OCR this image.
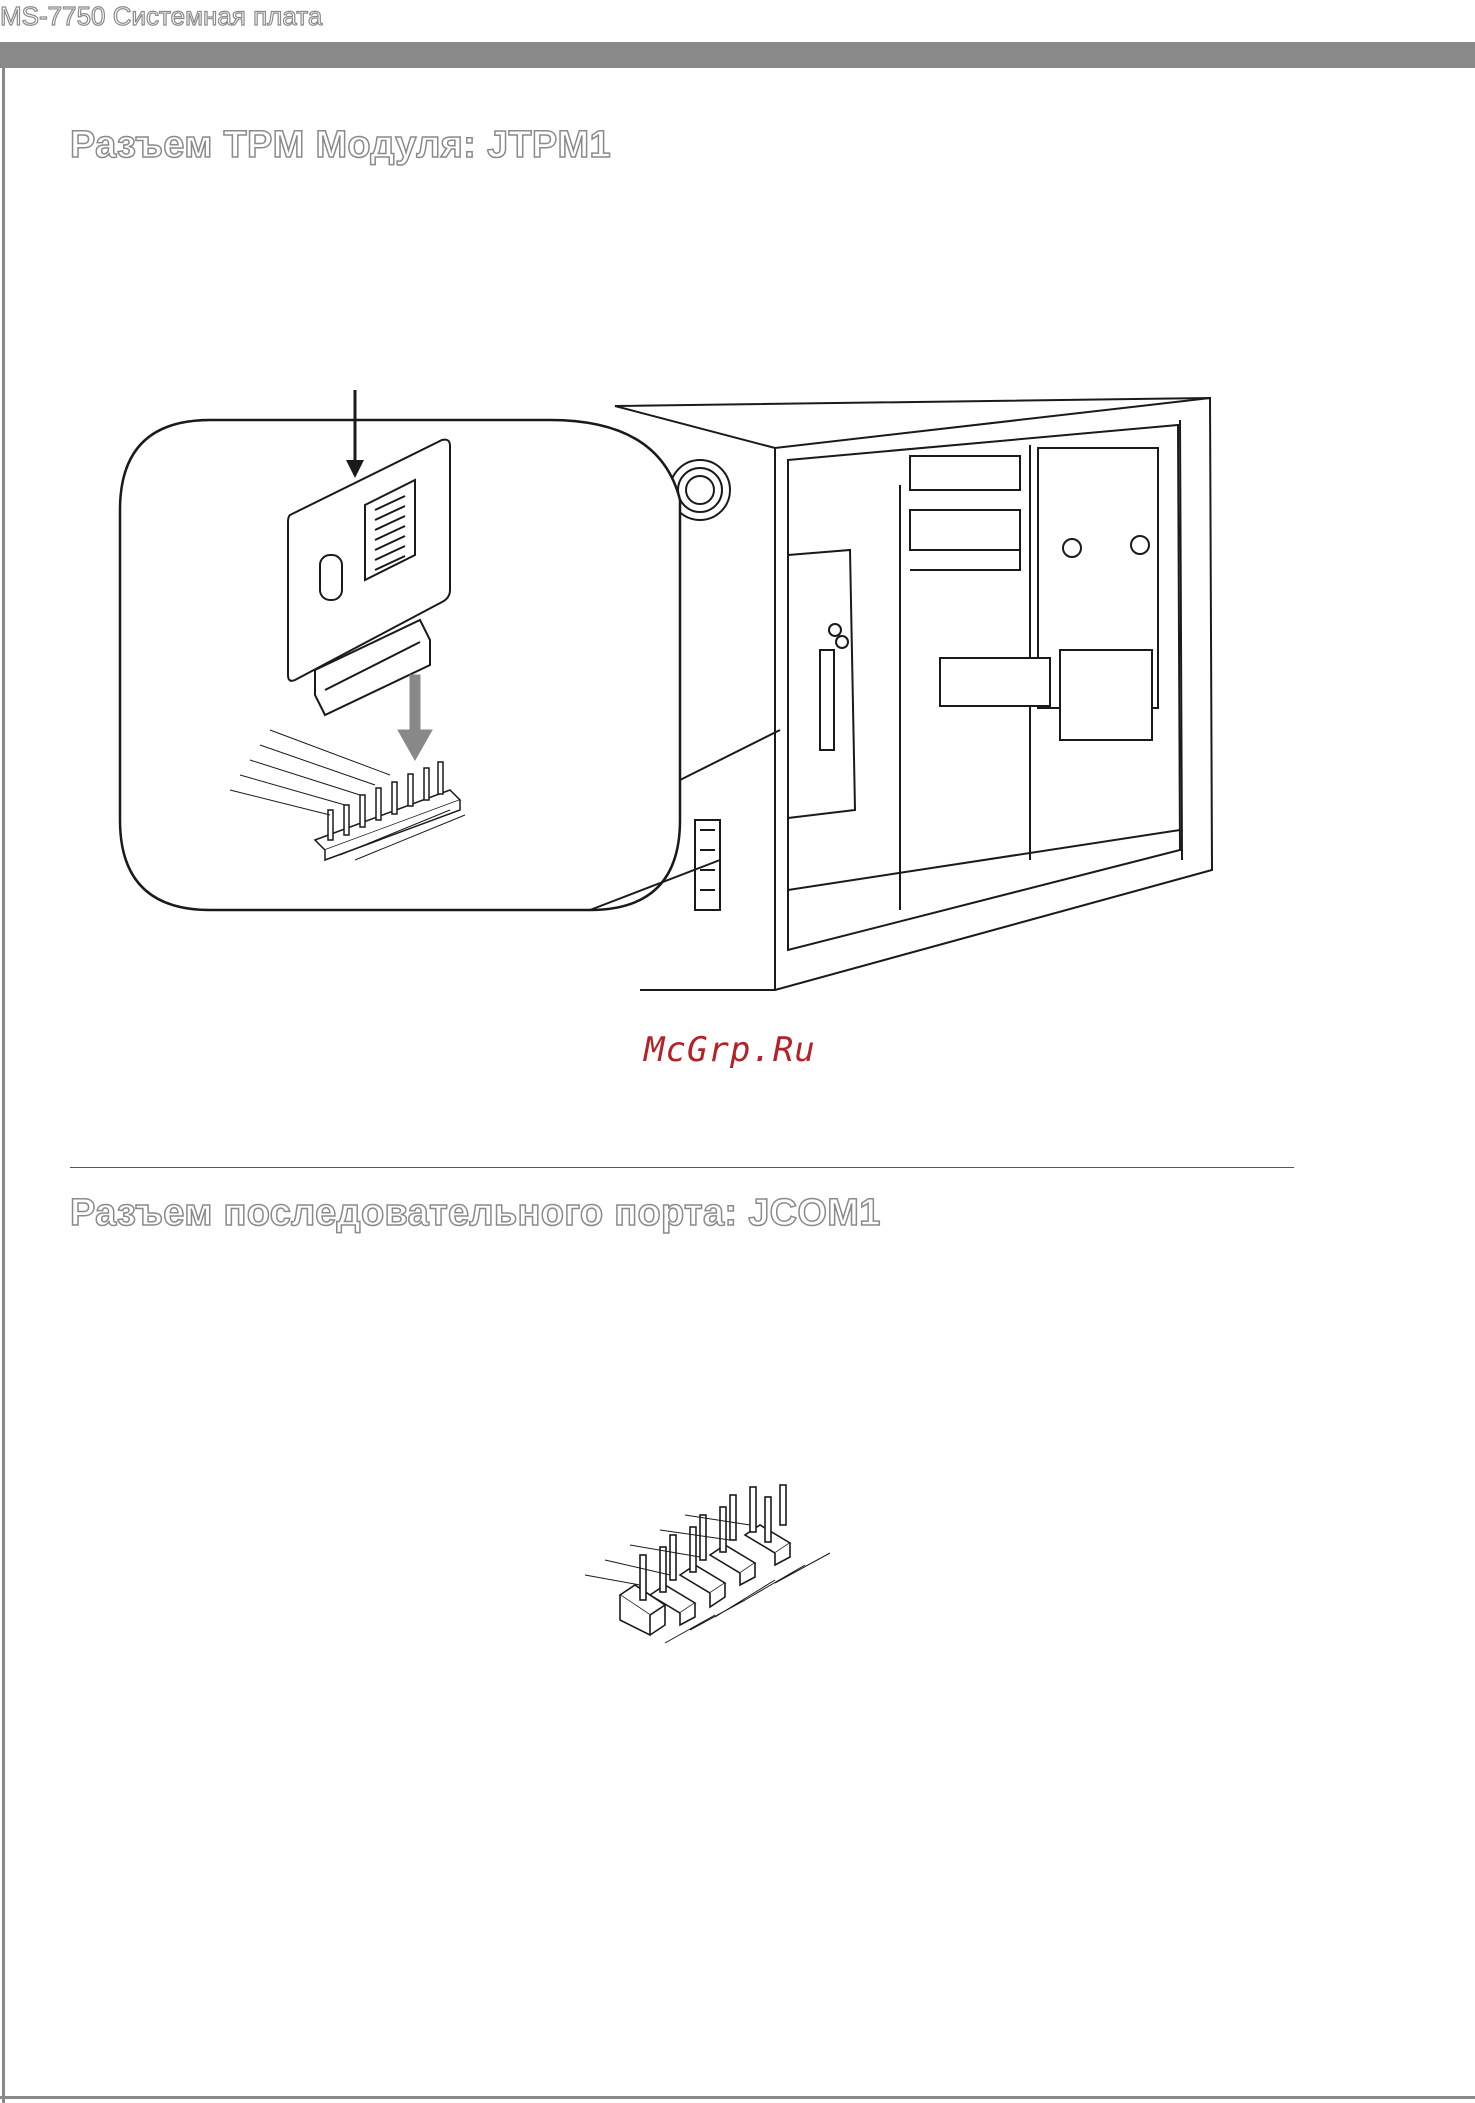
MS-7750 Системная плата
Разъем TPM Модуля: JTPM1
McGrp.Ru
Разъем последовательного порта: JCOM1
